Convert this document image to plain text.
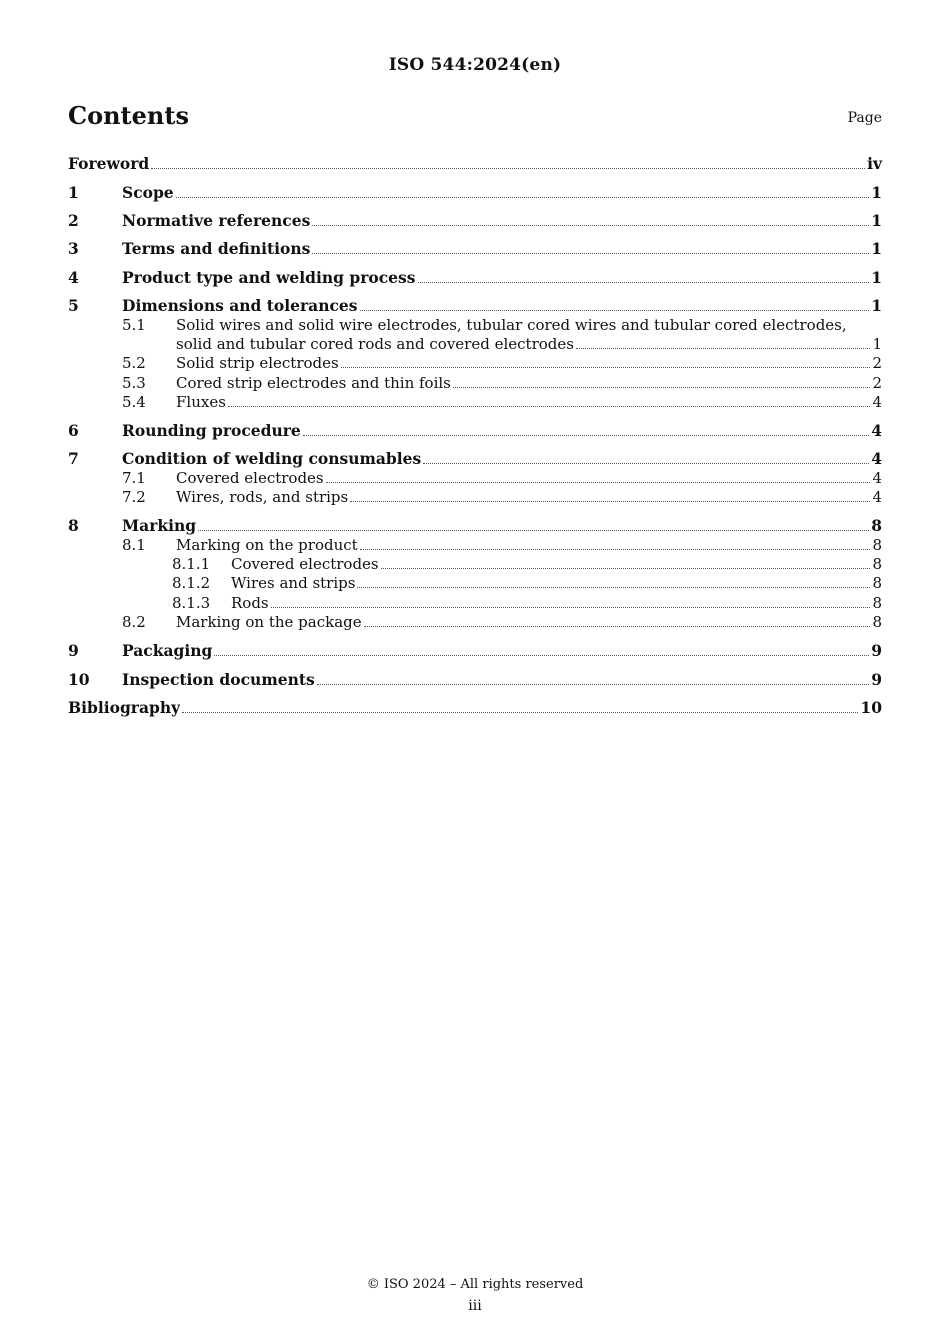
ISO 544:2024(en)
Contents	Page
Foreword	iv
1	Scope	1
2	Normative references	1
3	Terms and definitions	1
4	Product type and welding process	1
5	Dimensions and tolerances	1
5.1	Solid wires and solid wire electrodes, tubular cored wires and tubular cored electrodes,
solid and tubular cored rods and covered electrodes	1
5.2	Solid strip electrodes	2
5.3	Cored strip electrodes and thin foils	2
5.4	Fluxes	4
6	Rounding procedure	4
7	Condition of welding consumables	4
7.1	Covered electrodes	4
7.2	Wires, rods, and strips	4
8	Marking	8
8.1	Marking on the product	8
8.1.1	Covered electrodes	8
8.1.2	Wires and strips	8
8.1.3	Rods	8
8.2	Marking on the package	8
9	Packaging	9
10	Inspection documents	9
Bibliography	10
© ISO 2024 – All rights reserved
iii
